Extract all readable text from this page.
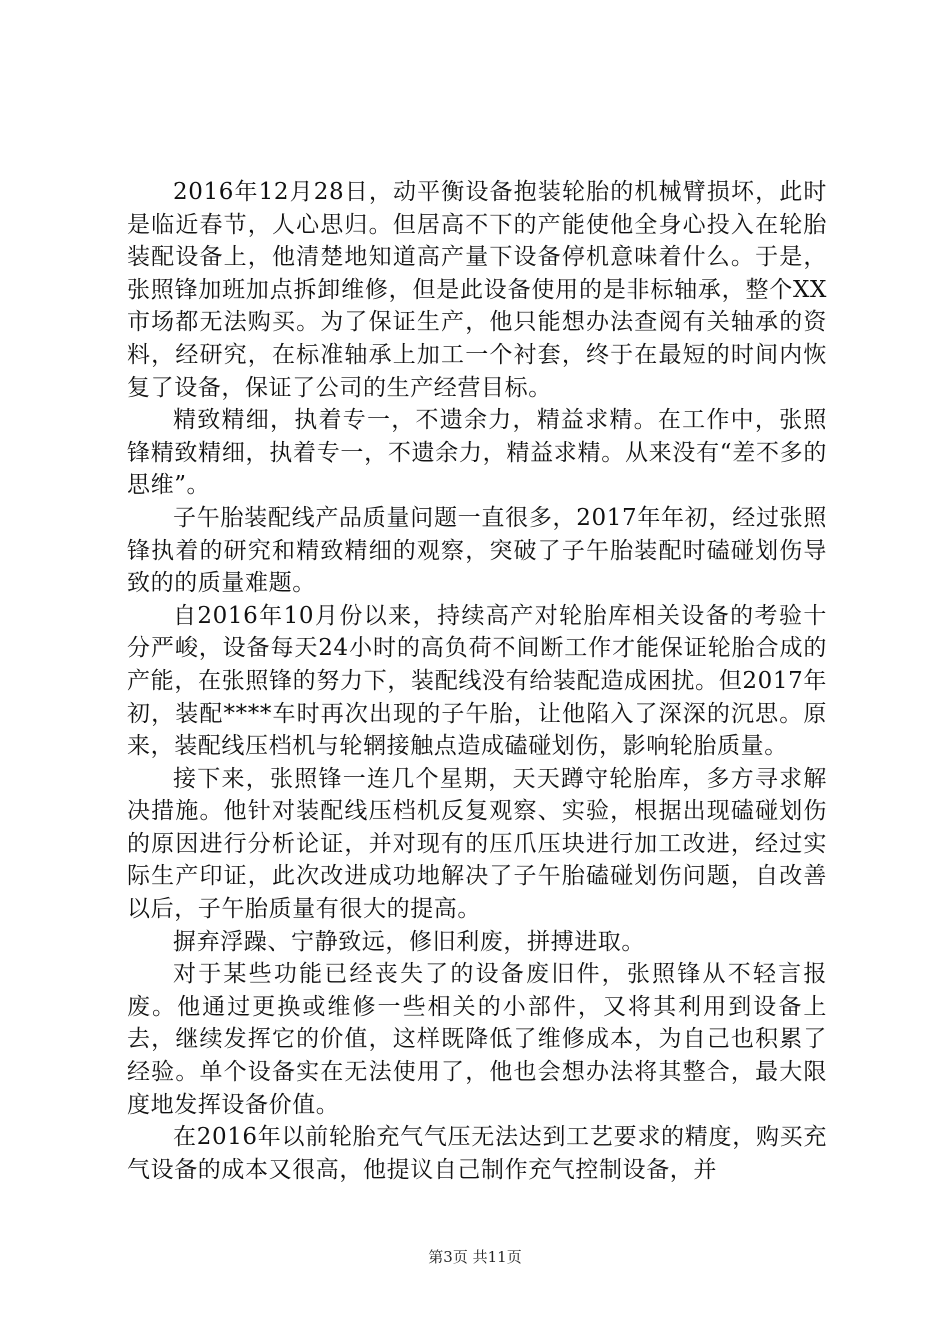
2016年12月28日，动平衡设备抱装轮胎的机械臂损坏，此时是临近春节，人心思归。但居高不下的产能使他全身心投入在轮胎装配设备上，他清楚地知道高产量下设备停机意味着什么。于是，张照锋加班加点拆卸维修，但是此设备使用的是非标轴承，整个XX市场都无法购买。为了保证生产，他只能想办法查阅有关轴承的资料，经研究，在标准轴承上加工一个衬套，终于在最短的时间内恢复了设备，保证了公司的生产经营目标。

精致精细，执着专一，不遗余力，精益求精。在工作中，张照锋精致精细，执着专一，不遗余力，精益求精。从来没有“差不多的思维”。

子午胎装配线产品质量问题一直很多，2017年年初，经过张照锋执着的研究和精致精细的观察，突破了子午胎装配时磕碰划伤导致的的质量难题。

自2016年10月份以来，持续高产对轮胎库相关设备的考验十分严峻，设备每天24小时的高负荷不间断工作才能保证轮胎合成的产能，在张照锋的努力下，装配线没有给装配造成困扰。但2017年初，装配****车时再次出现的子午胎，让他陷入了深深的沉思。原来，装配线压档机与轮辋接触点造成磕碰划伤，影响轮胎质量。

接下来，张照锋一连几个星期，天天蹲守轮胎库，多方寻求解决措施。他针对装配线压档机反复观察、实验，根据出现磕碰划伤的原因进行分析论证，并对现有的压爪压块进行加工改进，经过实际生产印证，此次改进成功地解决了子午胎磕碰划伤问题，自改善以后，子午胎质量有很大的提高。

摒弃浮躁、宁静致远，修旧利废，拼搏进取。

对于某些功能已经丧失了的设备废旧件，张照锋从不轻言报废。他通过更换或维修一些相关的小部件，又将其利用到设备上去，继续发挥它的价值，这样既降低了维修成本，为自己也积累了经验。单个设备实在无法使用了，他也会想办法将其整合，最大限度地发挥设备价值。

在2016年以前轮胎充气气压无法达到工艺要求的精度，购买充气设备的成本又很高，他提议自己制作充气控制设备，并

第3页 共11页
